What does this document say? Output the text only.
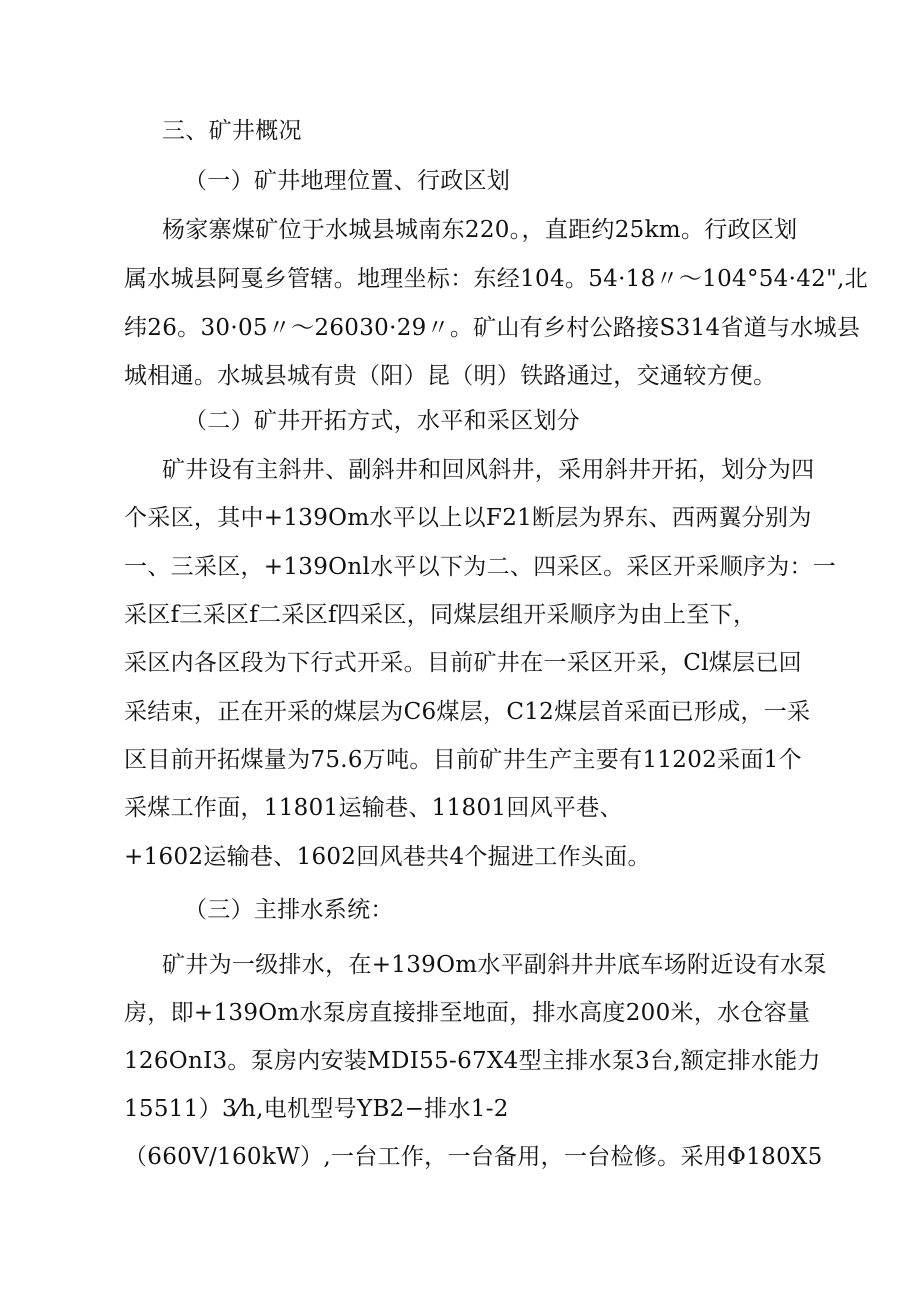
三、矿井概况
（一）矿井地理位置、行政区划
杨家寨煤矿位于水城县城南东220。，直距约25km。行政区划
属水城县阿戛乡管辖。地理坐标：东经104。54·18〃～104°54·42",北
纬26。30·05〃～26030·29〃。矿山有乡村公路接S314省道与水城县
城相通。水城县城有贵（阳）昆（明）铁路通过，交通较方便。
（二）矿井开拓方式，水平和采区划分
矿井设有主斜井、副斜井和回风斜井，采用斜井开拓，划分为四
个采区，其中+139Om水平以上以F21断层为界东、西两翼分别为
一、三采区，+139Onl水平以下为二、四采区。采区开采顺序为：一
采区f三采区f二采区f四采区，同煤层组开采顺序为由上至下，
采区内各区段为下行式开采。目前矿井在一采区开采，Cl煤层已回
采结束，正在开采的煤层为C6煤层，C12煤层首采面已形成，一采
区目前开拓煤量为75.6万吨。目前矿井生产主要有11202采面1个
采煤工作面，11801运输巷、11801回风平巷、
+1602运输巷、1602回风巷共4个掘进工作头面。
（三）主排水系统：
矿井为一级排水，在+139Om水平副斜井井底车场附近设有水泵
房，即+139Om水泵房直接排至地面，排水高度200米，水仓容量
126OnI3。泵房内安装MDI55-67X4型主排水泵3台,额定排水能力
15511）3⁄h,电机型号YB2−排水1-2
（660V/160kW）,一台工作，一台备用，一台检修。采用Φ180X5
